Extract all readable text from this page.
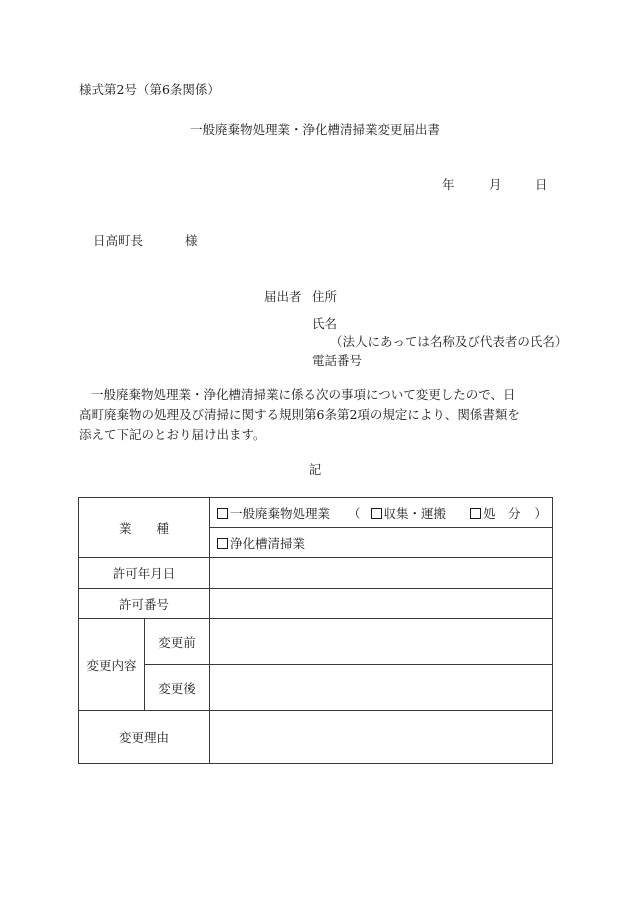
様式第2号（第6条関係）
一般廃棄物処理業・浄化槽清掃業変更届出書
年	月	日
日高町長	様
届出者 住所
氏名
（法人にあっては名称及び代表者の氏名）
電話番号
一般廃棄物処理業・浄化槽清掃業に係る次の事項について変更したので、日高町廃棄物の処理及び清掃に関する規則第6条第2項の規定により、関係書類を添えて下記のとおり届け出ます。
記
業　　種		一般廃棄物処理業 （ 収集・運搬 処　分 ）
		浄化槽清掃業
許可年月日		
許可番号		
変更内容	変更前	
	変更後	
変更理由		
